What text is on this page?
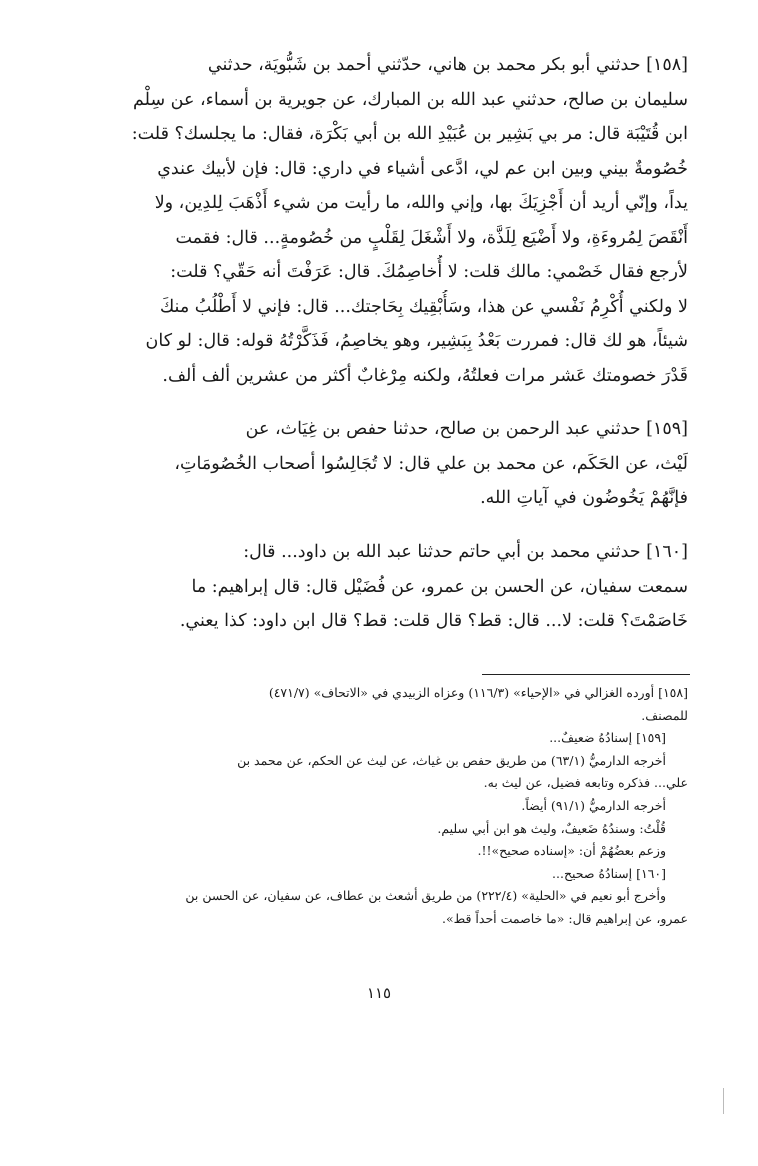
[١٥٨] حدثني أبو بكر محمد بن هاني، حدّثني أحمد بن شَبُّويَة، حدثني
سليمان بن صالح، حدثني عبد الله بن المبارك، عن جويرية بن أسماء، عن سِلْم
ابن قُتَيْبَة قال: مر بي بَشِير بن عُبَيْدِ الله بن أبي بَكْرَة، فقال: ما يجلسك؟ قلت:
خُصُومةٌ بيني وبين ابن عم لي، ادَّعى أشياء في داري: قال: فإن لأبيك عندي
يداً، وإنّي أريد أن أَجْزِيَكَ بها، وإني والله، ما رأيت من شيء أَذْهَبَ لِلدِين، ولا
أَنْقَصَ لِمُروءَةِ، ولا أَضْيَع لِلَذَّة، ولا أَشْغَلَ لِقَلْبٍ من خُصُومةٍ... قال: فقمت
لأرجع فقال خَصْمي: مالك قلت: لا أُخاصِمُكَ. قال: عَرَفْتَ أنه حَقّي؟ قلت:
لا ولكني أُكْرِمُ نَفْسي عن هذا، وسَأُبْقِيك بِحَاجتك... قال: فإني لا أَطْلُبُ منكَ
شيئاً، هو لك قال: فمررت بَعْدُ بِبَشِير، وهو يخاصِمُ، فَذَكَّرْتُهُ قوله: قال: لو كان
قَدْرَ خصومتك عَشر مرات فعلتُهُ، ولكنه مِرْغابٌ أكثر من عشرين ألف ألف.
[١٥٩] حدثني عبد الرحمن بن صالح، حدثنا حفص بن غِيَاث، عن
لَيْث، عن الحَكَم، عن محمد بن علي قال: لا تُجَالِسُوا أصحاب الخُصُومَاتِ،
فإنَّهُمْ يَخُوضُون في آياتِ الله.
[١٦٠] حدثني محمد بن أبي حاتم حدثنا عبد الله بن داود... قال:
سمعت سفيان، عن الحسن بن عمرو، عن فُضَيْل قال: قال إبراهيم: ما
خَاصَمْتَ؟ قلت: لا... قال: قط؟ قال قلت: قط؟ قال ابن داود: كذا يعني.
[١٥٨] أورده الغزالي في «الإحياء» (١١٦/٣) وعزاه الزبيدي في «الاتحاف» (٤٧١/٧)
للمصنف.
[١٥٩] إسنادُهُ ضعيفٌ...
أخرجه الدارميُّ (٦٣/١) من طريق حفص بن غياث، عن ليث عن الحكم، عن محمد بن
علي... فذكره وتابعه فضيل، عن ليث به.
أخرجه الدارميُّ (٩١/١) أيضاً.
قُلْتُ: وسندُهُ ضَعيفٌ، وليث هو ابن أبي سليم.
وزعم بعضُهُمْ أن: «إسناده صحيح»!!.
[١٦٠] إسنادُهُ صحيح...
وأخرج أبو نعيم في «الحلية» (٢٢٢/٤) من طريق أشعث بن عطاف، عن سفيان، عن الحسن بن
عمرو، عن إبراهيم قال: «ما خاصمت أحداً قط».
١١٥
